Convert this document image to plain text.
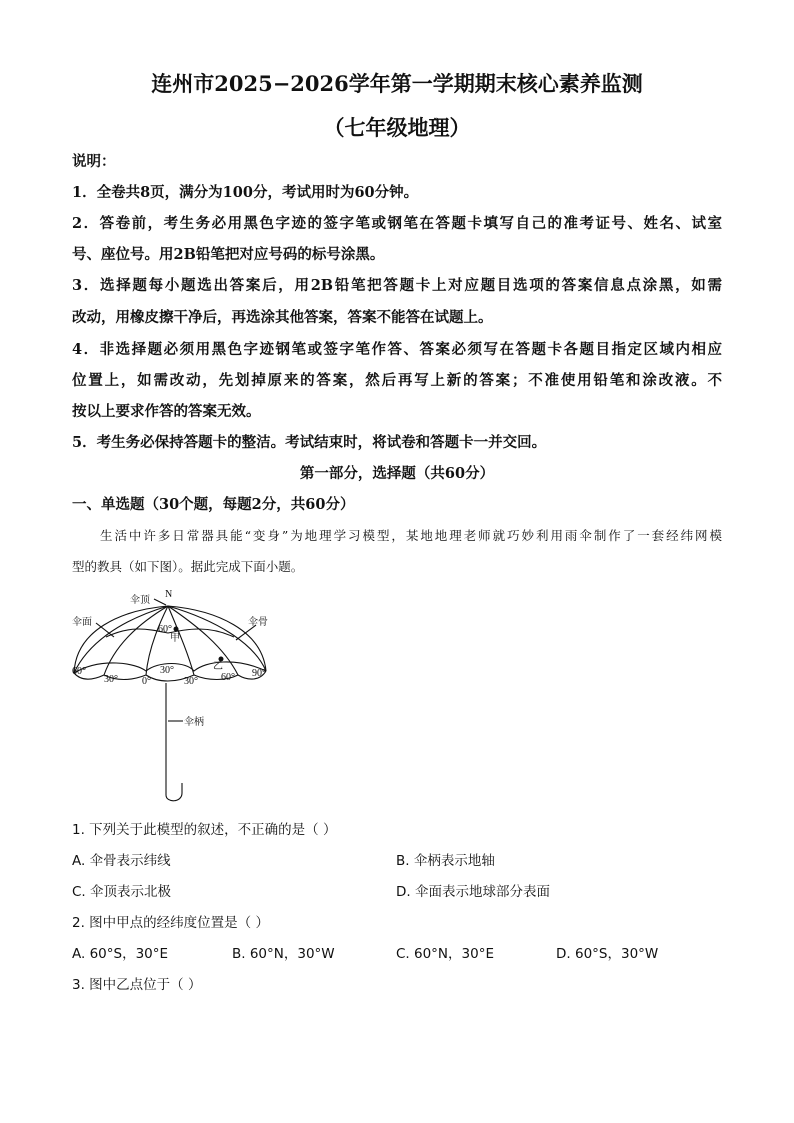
连州市2025−2026学年第一学期期末核心素养监测
（七年级地理）
说明：
1．全卷共8页，满分为100分，考试用时为60分钟。
2．答卷前，考生务必用黑色字迹的签字笔或钢笔在答题卡填写自己的准考证号、姓名、试室
号、座位号。用2B铅笔把对应号码的标号涂黑。
3．选择题每小题选出答案后，用2B铅笔把答题卡上对应题目选项的答案信息点涂黑，如需
改动，用橡皮擦干净后，再选涂其他答案，答案不能答在试题上。
4．非选择题必须用黑色字迹钢笔或签字笔作答、答案必须写在答题卡各题目指定区域内相应
位置上，如需改动，先划掉原来的答案，然后再写上新的答案；不准使用铅笔和涂改液。不
按以上要求作答的答案无效。
5．考生务必保持答题卡的整洁。考试结束时，将试卷和答题卡一并交回。
第一部分，选择题（共60分）
一、单选题（30个题，每题2分，共60分）
生活中许多日常器具能“变身”为地理学习模型，某地地理老师就巧妙利用雨伞制作了一套经纬网模
型的教具（如下图）。据此完成下面小题。
N
伞顶
伞面	伞骨
60°
甲
乙
30°
60°
30° 0°	30° 60° 90°
伞柄
1. 下列关于此模型的叙述，不正确的是（ ）
A. 伞骨表示纬线	B. 伞柄表示地轴
C. 伞顶表示北极	D. 伞面表示地球部分表面
2. 图中甲点的经纬度位置是（ ）
A. 60°S，30°E	B. 60°N，30°W	C. 60°N，30°E	D. 60°S，30°W
3. 图中乙点位于（ ）
